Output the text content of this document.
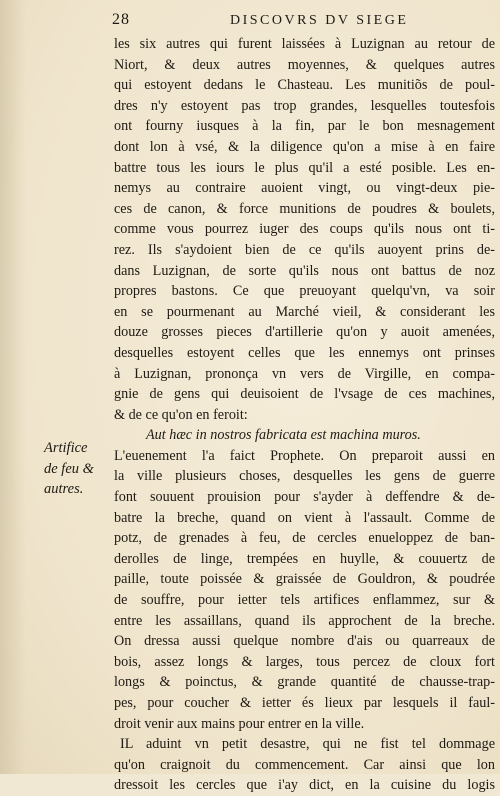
28	DISCOVRS DV SIEGE
Artifice
de feu &
autres.
les six autres qui furent laissées à Luzignan au retour de
Niort, & deux autres moyennes, & quelques autres
qui estoyent dedans le Chasteau. Les munitiõs de poul-
dres n'y estoyent pas trop grandes, lesquelles toutesfois
ont fourny iusques à la fin, par le bon mesnagement
dont lon à vsé, & la diligence qu'on a mise à en faire
battre tous les iours le plus qu'il a esté posible. Les en-
nemys au contraire auoient vingt, ou vingt-deux pie-
ces de canon, & force munitions de poudres & boulets,
comme vous pourrez iuger des coups qu'ils nous ont ti-
rez. Ils s'aydoient bien de ce qu'ils auoyent prins de-
dans Luzignan, de sorte qu'ils nous ont battus de noz
propres bastons. Ce que preuoyant quelqu'vn, va soir
en se pourmenant au Marché vieil, & considerant les
douze grosses pieces d'artillerie qu'on y auoit amenées,
desquelles estoyent celles que les ennemys ont prinses
à Luzignan, prononça vn vers de Virgille, en compa-
gnie de gens qui deuisoient de l'vsage de ces machines,
& de ce qu'on en feroit:
Aut hæc in nostros fabricata est machina muros.
L'euenement l'a faict Prophete. On preparoit aussi en
la ville plusieurs choses, desquelles les gens de guerre
font souuent prouision pour s'ayder à deffendre & de-
batre la breche, quand on vient à l'assault. Comme de
potz, de grenades à feu, de cercles enueloppez de ban-
derolles de linge, trempées en huylle, & couuertz de
paille, toute poissée & graissée de Gouldron, & poudrée
de souffre, pour ietter tels artifices enflammez, sur &
entre les assaillans, quand ils approchent de la breche.
On dressa aussi quelque nombre d'ais ou quarreaux de
bois, assez longs & larges, tous percez de cloux fort
longs & poinctus, & grande quantité de chausse-trap-
pes, pour coucher & ietter és lieux par lesquels il faul-
droit venir aux mains pour entrer en la ville.
IL aduint vn petit desastre, qui ne fist tel dommage
qu'on craignoit du commencement. Car ainsi que lon
dressoit les cercles que i'ay dict, en la cuisine du logis
